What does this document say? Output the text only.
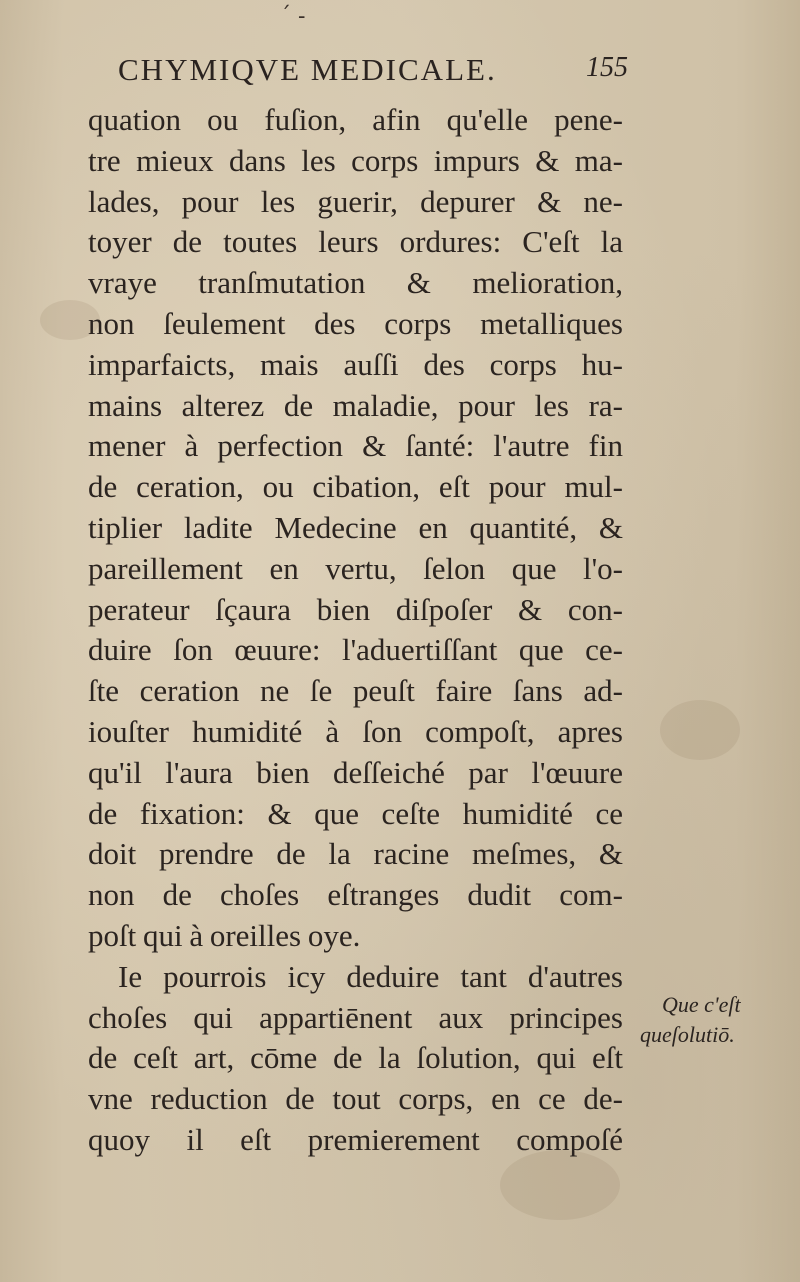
ˊ ‐
CHYMIQVE MEDICALE.	155
quation ou fuſion, afin qu'elle pene-
tre mieux dans les corps impurs & ma-
lades, pour les guerir, depurer & ne-
toyer de toutes leurs ordures: C'eſt la
vraye tranſmutation & melioration,
non ſeulement des corps metalliques
imparfaicts, mais auſſi des corps hu-
mains alterez de maladie, pour les ra-
mener à perfection & ſanté: l'autre fin
de ceration, ou cibation, eſt pour mul-
tiplier ladite Medecine en quantité, &
pareillement en vertu, ſelon que l'o-
perateur ſçaura bien diſpoſer & con-
duire ſon œuure: l'aduertiſſant que ce-
ſte ceration ne ſe peuſt faire ſans ad-
iouſter humidité à ſon compoſt, apres
qu'il l'aura bien deſſeiché par l'œuure
de fixation: & que ceſte humidité ce
doit prendre de la racine meſmes, &
non de choſes eſtranges dudit com-
poſt qui à oreilles oye.
Ie pourrois icy deduire tant d'autres
choſes qui appartiēnent aux principes
de ceſt art, cōme de la ſolution, qui eſt
vne reduction de tout corps, en ce de-
quoy il eſt premierement compoſé
Que c'eſt
queſolutiō.
